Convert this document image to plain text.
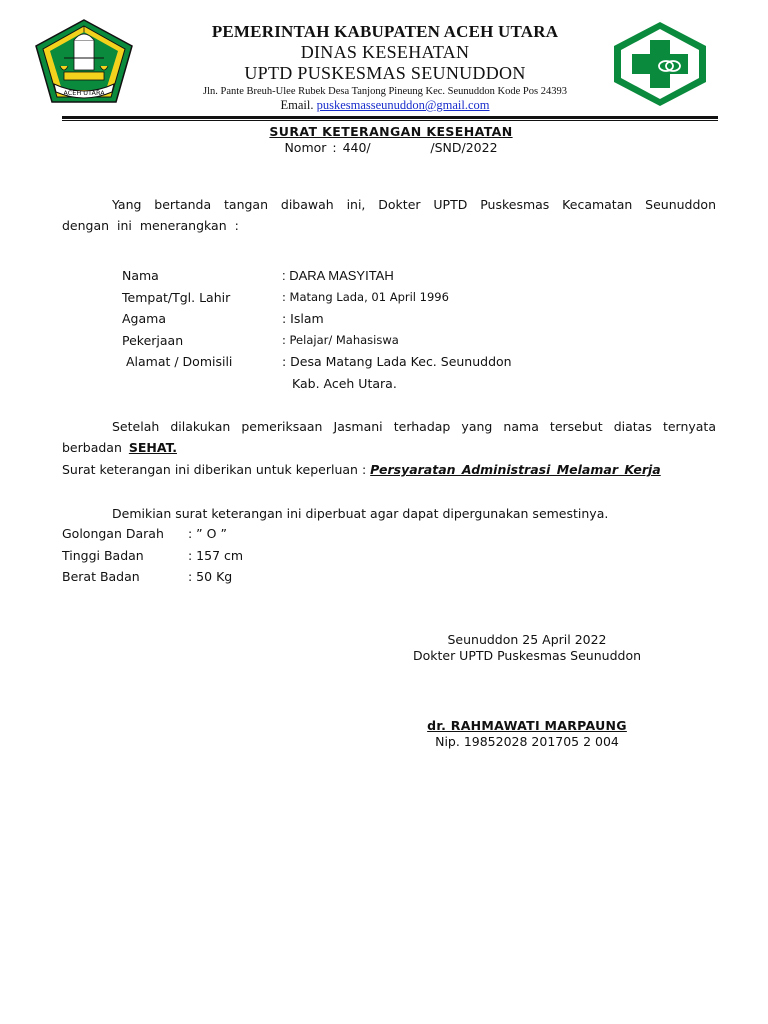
ACEH UTARA
PEMERINTAH KABUPATEN ACEH UTARA
DINAS KESEHATAN
UPTD PUSKESMAS SEUNUDDON
Jln. Pante Breuh-Ulee Rubek Desa Tanjong Pineung Kec. Seunuddon Kode Pos 24393
Email. puskesmasseunuddon@gmail.com
SURAT KETERANGAN KESEHATAN
Nomor : 440/          /SND/2022
Yang bertanda tangan dibawah ini, Dokter UPTD Puskesmas Kecamatan Seunuddon dengan ini menerangkan :
Nama	: DARA MASYITAH
Tempat/Tgl. Lahir	: Matang Lada, 01 April 1996
Agama	: Islam
Pekerjaan	: Pelajar/ Mahasiswa
Alamat / Domisili	: Desa Matang Lada Kec. Seunuddon
Kab. Aceh Utara.
Setelah dilakukan pemeriksaan Jasmani terhadap yang nama tersebut diatas ternyata berbadan SEHAT.
Surat keterangan ini diberikan untuk keperluan : Persyaratan Administrasi Melamar Kerja
Demikian surat keterangan ini diperbuat agar dapat dipergunakan semestinya.
Golongan Darah	: ” O ”
Tinggi Badan	: 157 cm
Berat Badan	: 50 Kg
Seunuddon 25 April 2022
Dokter UPTD Puskesmas Seunuddon
dr. RAHMAWATI MARPAUNG
Nip. 19852028 201705 2 004
